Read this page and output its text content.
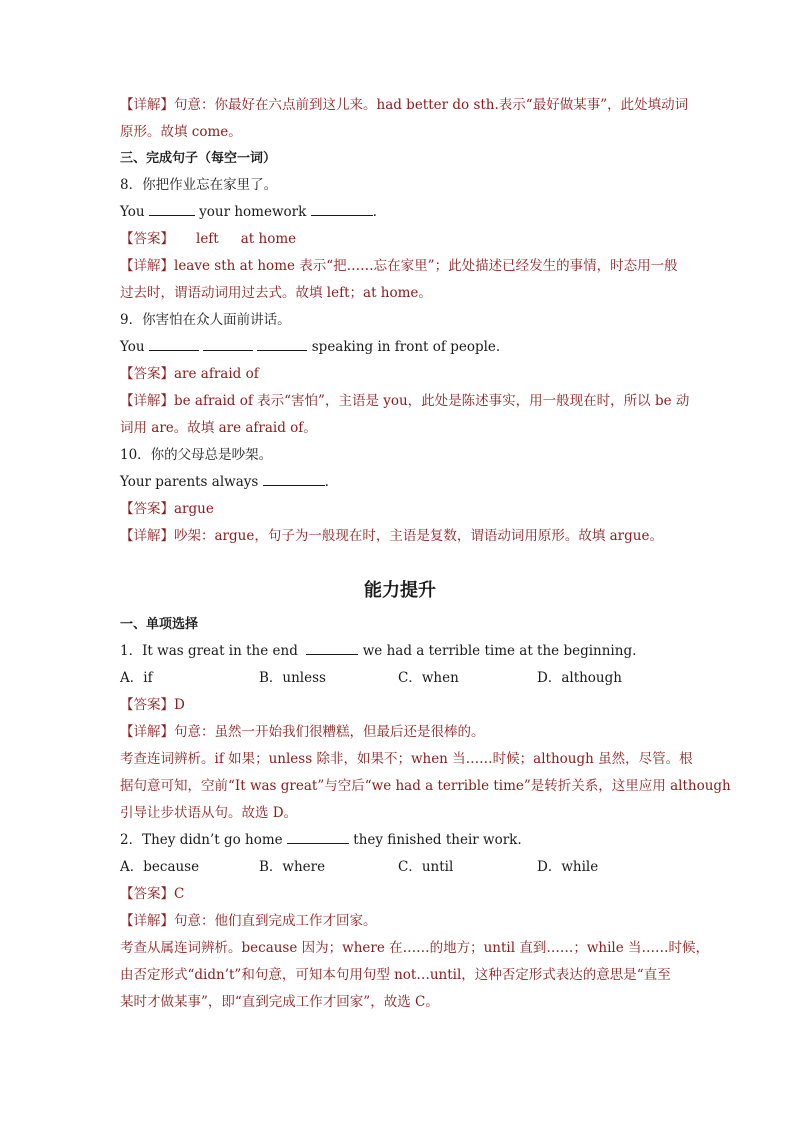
【详解】句意：你最好在六点前到这儿来。had better do sth.表示“最好做某事”，此处填动词
原形。故填 come。
三、完成句子（每空一词）
8．你把作业忘在家里了。
You	your homework	.
【答案】 left at home
【详解】leave sth at home 表示“把……忘在家里”；此处描述已经发生的事情，时态用一般
过去时，谓语动词用过去式。故填 left；at home。
9．你害怕在众人面前讲话。
You	speaking in front of people.
【答案】are afraid of
【详解】be afraid of 表示“害怕”，主语是 you，此处是陈述事实，用一般现在时，所以 be 动
词用 are。故填 are afraid of。
10．你的父母总是吵架。
Your parents always	.
【答案】argue
【详解】吵架：argue，句子为一般现在时，主语是复数，谓语动词用原形。故填 argue。
能力提升
一、单项选择
1．It was great in the end	we had a terrible time at the beginning.
A．if	B．unless	C．when	D．although
【答案】D
【详解】句意：虽然一开始我们很糟糕，但最后还是很棒的。
考查连词辨析。if 如果；unless 除非，如果不；when 当……时候；although 虽然，尽管。根
据句意可知，空前“It was great”与空后“we had a terrible time”是转折关系，这里应用 although
引导让步状语从句。故选 D。
2．They didn’t go home	they finished their work.
A．because	B．where	C．until	D．while
【答案】C
【详解】句意：他们直到完成工作才回家。
考查从属连词辨析。because 因为；where 在……的地方；until 直到……；while 当……时候，
由否定形式“didn’t”和句意，可知本句用句型 not…until，这种否定形式表达的意思是“直至
某时才做某事”，即“直到完成工作才回家”，故选 C。
